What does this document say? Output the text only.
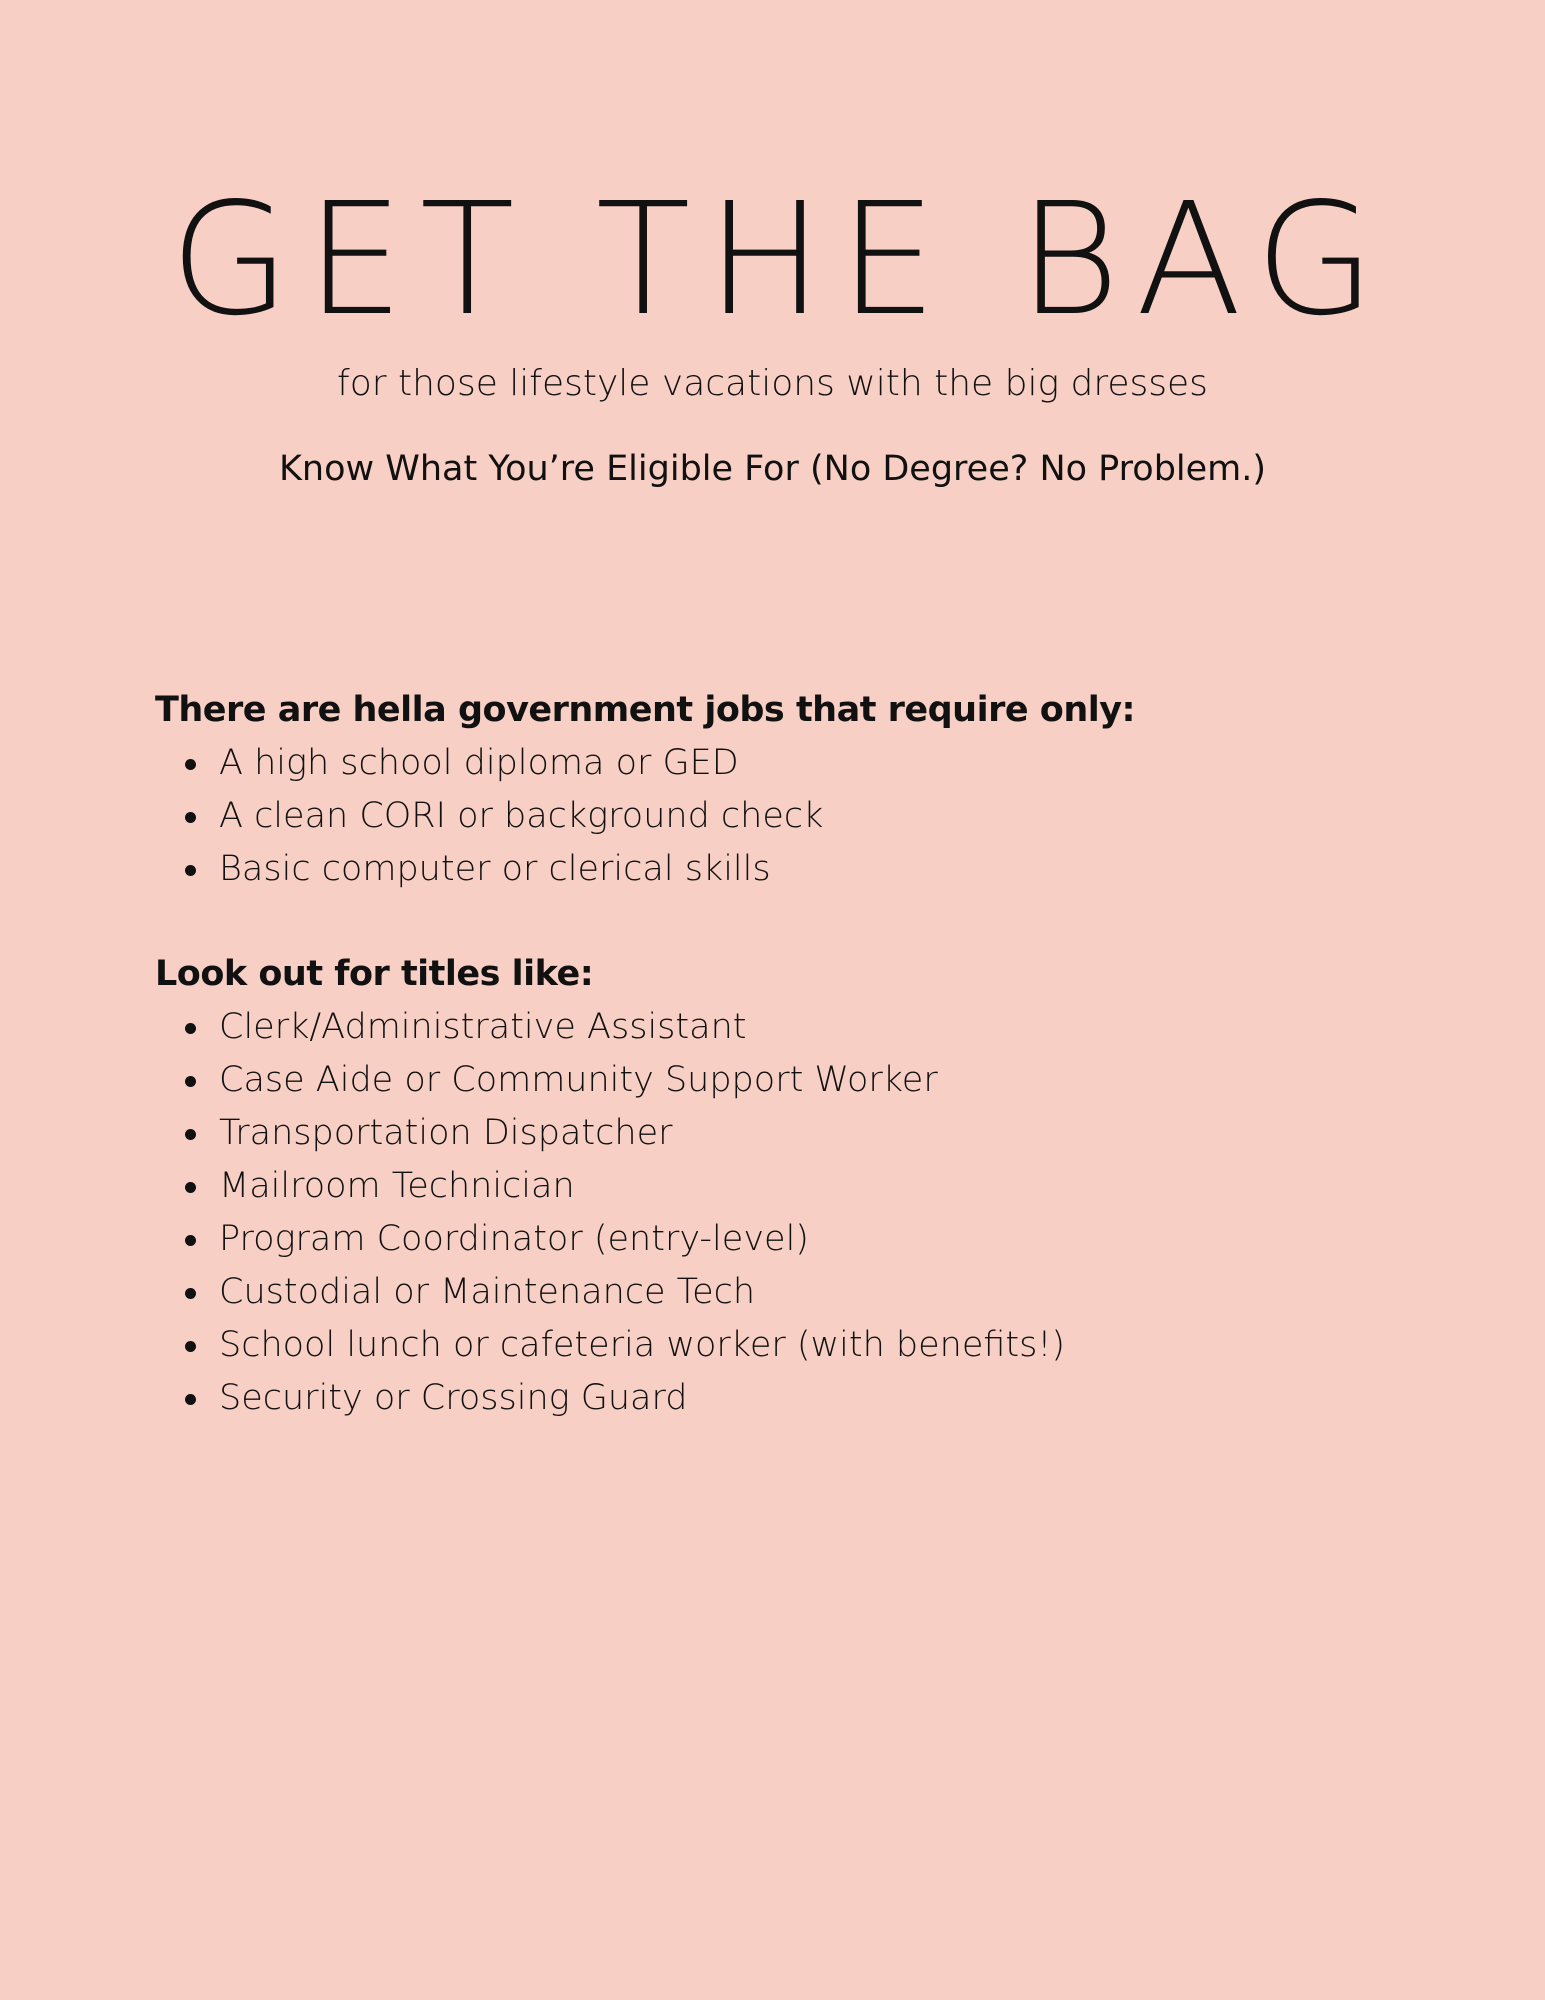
GET THE BAG

for those lifestyle vacations with the big dresses

Know What You’re Eligible For (No Degree? No Problem.)

There are hella government jobs that require only:
A high school diploma or GED
A clean CORI or background check
Basic computer or clerical skills
Look out for titles like:
Clerk/Administrative Assistant
Case Aide or Community Support Worker
Transportation Dispatcher
Mailroom Technician
Program Coordinator (entry-level)
Custodial or Maintenance Tech
School lunch or cafeteria worker (with benefits!)
Security or Crossing Guard
